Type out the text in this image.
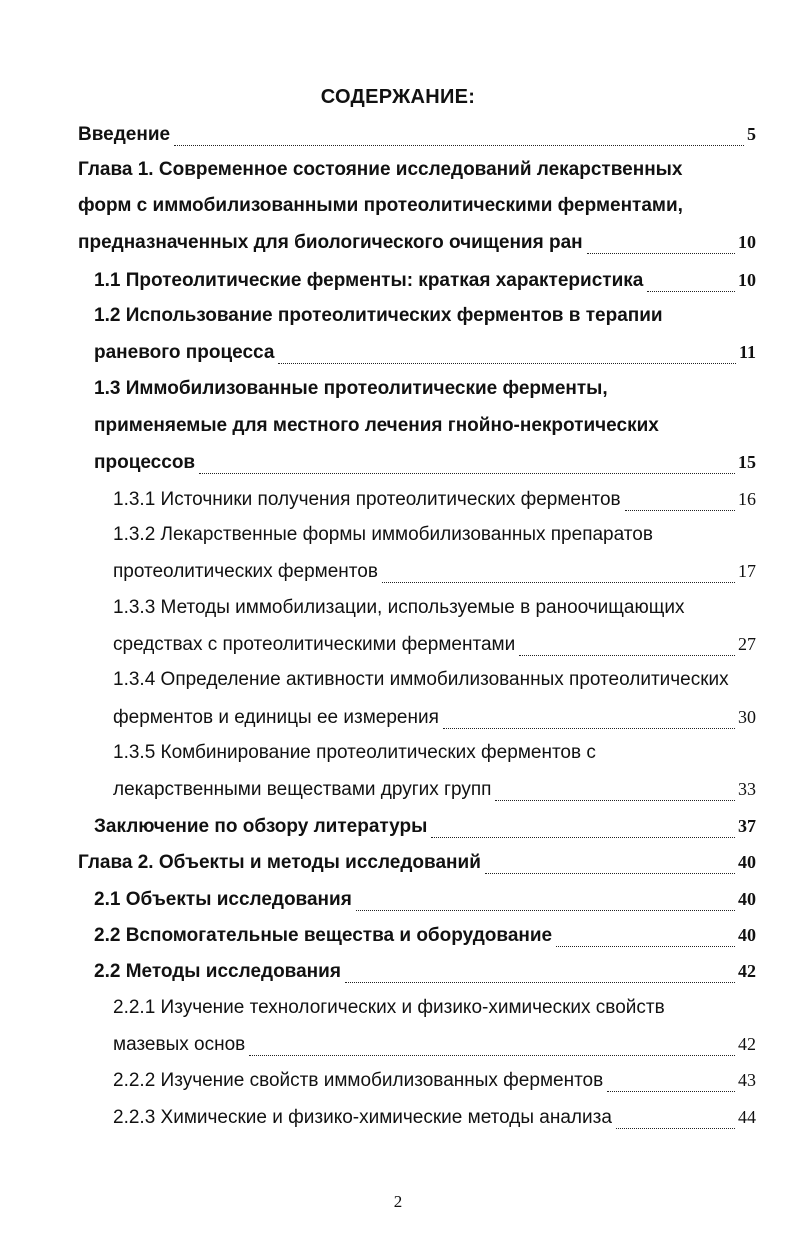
СОДЕРЖАНИЕ:
Введение	5
Глава 1. Современное состояние исследований лекарственных
форм с иммобилизованными протеолитическими ферментами,
предназначенных для биологического очищения ран	10
1.1 Протеолитические ферменты: краткая характеристика	10
1.2 Использование протеолитических ферментов в терапии
раневого процесса	11
1.3 Иммобилизованные протеолитические ферменты,
применяемые для местного лечения гнойно-некротических
процессов	15
1.3.1 Источники получения протеолитических ферментов	16
1.3.2 Лекарственные формы иммобилизованных препаратов
протеолитических ферментов	17
1.3.3 Методы иммобилизации, используемые в раноочищающих
средствах с протеолитическими ферментами	27
1.3.4 Определение активности иммобилизованных протеолитических
ферментов и единицы ее измерения	30
1.3.5 Комбинирование протеолитических ферментов с
лекарственными веществами других групп	33
Заключение по обзору литературы	37
Глава 2. Объекты и методы исследований	40
2.1 Объекты исследования	40
2.2 Вспомогательные вещества и оборудование	40
2.2 Методы исследования	42
2.2.1 Изучение технологических и физико-химических свойств
мазевых основ	42
2.2.2 Изучение свойств иммобилизованных ферментов	43
2.2.3 Химические и физико-химические методы анализа	44
2
